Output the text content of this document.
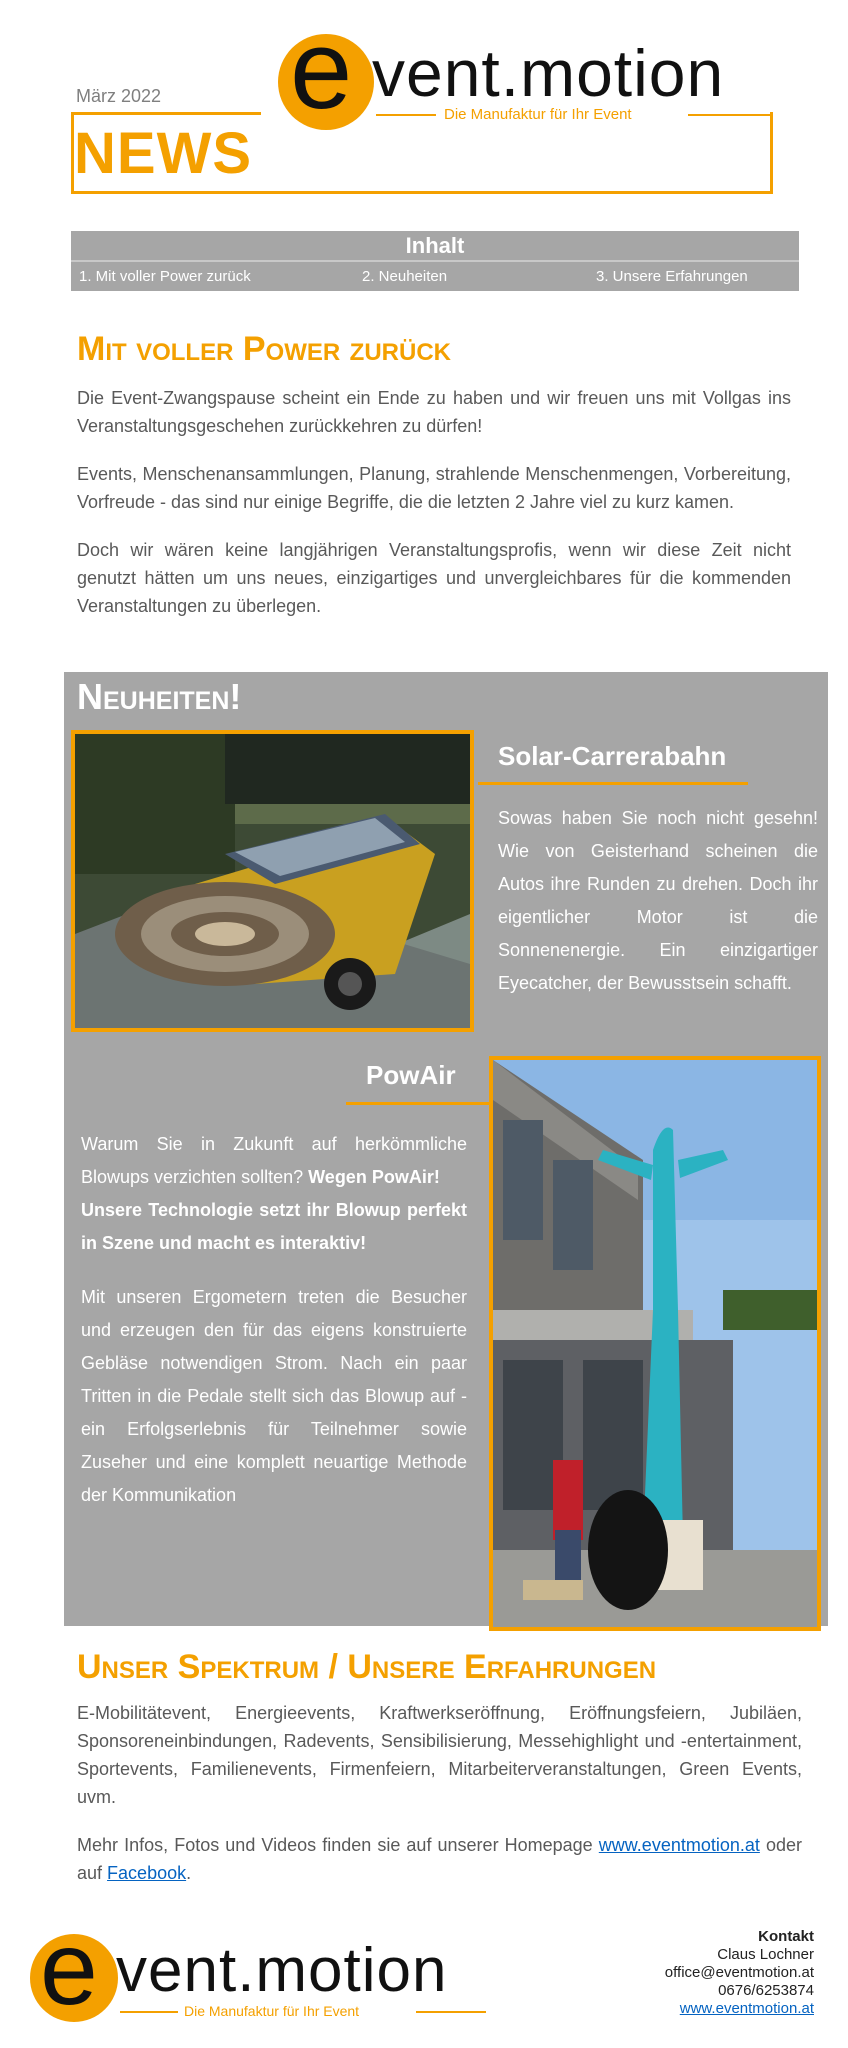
März 2022
NEWS
e vent.motion
Die Manufaktur für Ihr Event
Inhalt
1. Mit voller Power zurück	2. Neuheiten	3. Unsere Erfahrungen
Mit voller Power zurück

Die Event-Zwangspause scheint ein Ende zu haben und wir freuen uns mit Vollgas ins Veranstaltungsgeschehen zurückkehren zu dürfen!

Events, Menschenansammlungen, Planung, strahlende Menschenmengen, Vorbereitung, Vorfreude - das sind nur einige Begriffe, die die letzten 2 Jahre viel zu kurz kamen.

Doch wir wären keine langjährigen Veranstaltungsprofis, wenn wir diese Zeit nicht genutzt hätten um uns neues, einzigartiges und unvergleichbares für die kommenden Veranstaltungen zu überlegen.

Neuheiten!
Solar-Carrerabahn
Sowas haben Sie noch nicht gesehn! Wie von Geisterhand scheinen die Autos ihre Runden zu drehen. Doch ihr eigentlicher Motor ist die Sonnenenergie. Ein einzigartiger Eyecatcher, der Bewusstsein schafft.
PowAir
Warum Sie in Zukunft auf herkömmliche Blowups verzichten sollten? Wegen PowAir!
Unsere Technologie setzt ihr Blowup perfekt in Szene und macht es interaktiv!
Mit unseren Ergometern treten die Besucher und erzeugen den für das eigens konstruierte Gebläse notwendigen Strom. Nach ein paar Tritten in die Pedale stellt sich das Blowup auf - ein Erfolgserlebnis für Teilnehmer sowie Zuseher und eine komplett neuartige Methode der Kommunikation
Unser Spektrum / Unsere Erfahrungen

E-Mobilitätevent, Energieevents, Kraftwerkseröffnung, Eröffnungsfeiern, Jubiläen, Sponsoreneinbindungen, Radevents, Sensibilisierung, Messehighlight und -entertainment, Sportevents, Familienevents, Firmenfeiern, Mitarbeiterveranstaltungen, Green Events, uvm.

Mehr Infos, Fotos und Videos finden sie auf unserer Homepage www.eventmotion.at oder auf Facebook.

e vent.motion
Die Manufaktur für Ihr Event
Kontakt
Claus Lochner
office@eventmotion.at
0676/6253874
www.eventmotion.at
